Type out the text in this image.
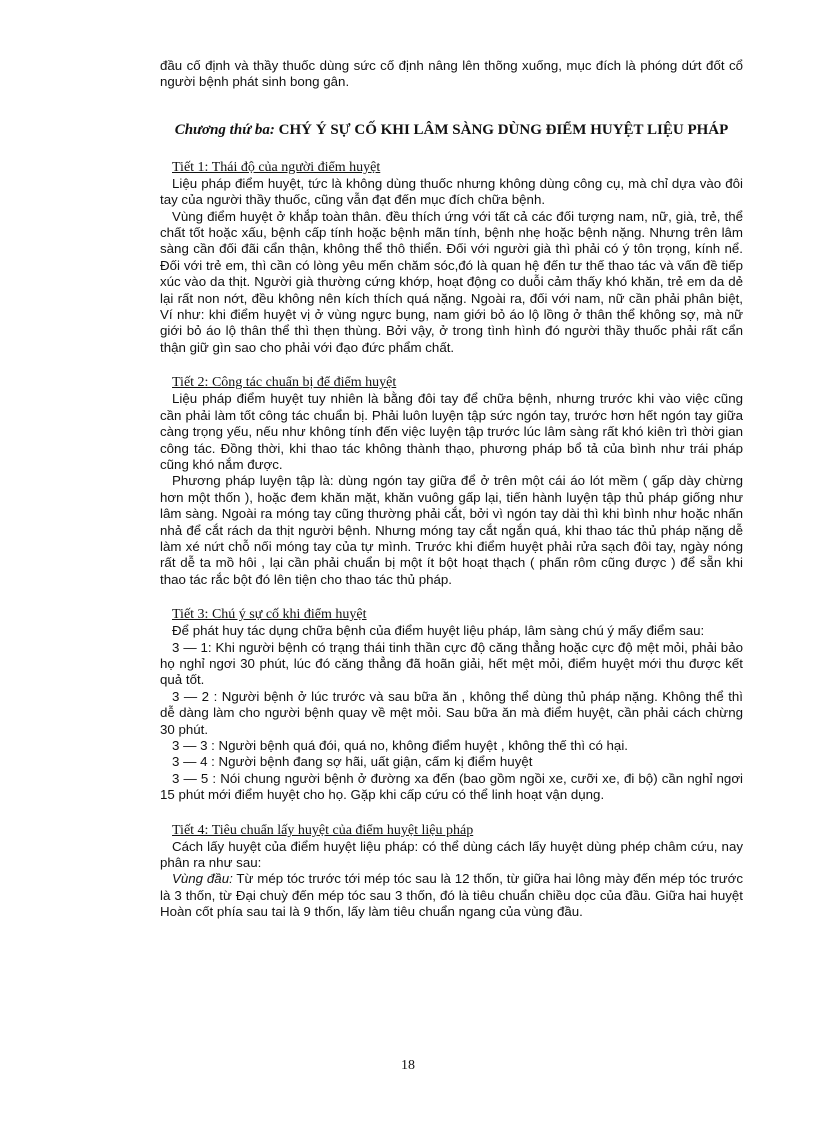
đầu cố định và thầy thuốc dùng sức cố định nâng lên thõng xuống, mục đích là phóng dứt đốt cổ người bệnh phát sinh bong gân.

Chương thứ ba: CHÝ Ý SỰ CỐ KHI LÂM SÀNG DÙNG ĐIỂM HUYỆT LIỆU PHÁP
Tiết 1: Thái độ của người điểm huyệt

Liệu pháp điểm huyệt, tức là không dùng thuốc nhưng không dùng công cụ, mà chỉ dựa vào đôi tay của người thầy thuốc, cũng vẫn đạt đến mục đích chữa bệnh.

Vùng điểm huyệt ở khắp toàn thân. đều thích ứng với tất cả các đối tượng nam, nữ, già, trẻ, thể chất tốt hoặc xấu, bệnh cấp tính hoặc bệnh mãn tính, bệnh nhẹ hoặc bệnh nặng. Nhưng trên lâm sàng cần đối đãi cẩn thận, không thể thô thiển. Đối với người già thì phải có ý tôn trọng, kính nể. Đối với trẻ em, thì cần có lòng yêu mến chăm sóc,đó là quan hệ đến tư thế thao tác và vấn đề tiếp xúc vào da thịt. Người già thường cứng khớp, hoạt động co duỗi cảm thấy khó khăn, trẻ em da dẻ lại rất non nớt, đều không nên kích thích quá nặng. Ngoài ra, đối với nam, nữ cần phải phân biệt, Ví như: khi điểm huyệt vị ở vùng ngực bụng, nam giới bỏ áo lộ lồng ở thân thể không sợ, mà nữ giới bỏ áo lộ thân thể thì thẹn thùng. Bởi vậy, ở trong tình hình đó người thầy thuốc phải rất cẩn thận giữ gìn sao cho phải với đạo đức phẩm chất.

Tiết 2: Công tác chuẩn bị để điểm huyệt

Liệu pháp điểm huyệt tuy nhiên là bằng đôi tay để chữa bệnh, nhưng trước khi vào việc cũng cần phải làm tốt công tác chuẩn bị. Phải luôn luyện tập sức ngón tay, trước hơn hết ngón tay giữa càng trọng yếu, nếu như không tính đến việc luyện tập trước lúc lâm sàng rất khó kiên trì thời gian công tác. Đồng thời, khi thao tác không thành thạo, phương pháp bổ tả của bình như trái pháp cũng khó nắm được.

Phương pháp luyện tập là: dùng ngón tay giữa để ở trên một cái áo lót mềm ( gấp dày chừng hơn một thốn ), hoặc đem khăn mặt, khăn vuông gấp lại, tiến hành luyện tập thủ pháp giống như lâm sàng. Ngoài ra móng tay cũng thường phải cắt, bởi vì ngón tay dài thì khi bình như hoặc nhấn nhả để cắt rách da thịt người bệnh. Nhưng móng tay cắt ngắn quá, khi thao tác thủ pháp nặng dễ làm xé nứt chỗ nối móng tay của tự mình. Trước khi điểm huyệt phải rửa sạch đôi tay, ngày nóng rất dễ ta mồ hôi , lại cần phải chuẩn bị một ít bột hoạt thạch ( phấn rôm cũng được ) để sẵn khi thao tác rắc bột đó lên tiện cho thao tác thủ pháp.

Tiết 3: Chú ý sự cố khi điểm huyệt

Để phát huy tác dụng chữa bệnh của điểm huyệt liệu pháp, lâm sàng chú ý mấy điểm sau:

3 — 1: Khi người bệnh có trạng thái tinh thần cực độ căng thẳng hoặc cực độ mệt mỏi, phải bảo họ nghỉ ngơi 30 phút, lúc đó căng thẳng đã hoãn giải, hết mệt mỏi, điểm huyệt mới thu được kết quả tốt.

3 — 2 : Người bệnh ở lúc trước và sau bữa ăn , không thể dùng thủ pháp nặng. Không thể thì dễ dàng làm cho người bệnh quay về mệt mỏi. Sau bữa ăn mà điểm huyệt, cần phải cách chừng 30 phút.

3 — 3 : Người bệnh quá đói, quá no, không điểm huyệt , không thế thì có hại.

3 — 4 : Người bệnh đang sợ hãi, uất giận, cấm kị điểm huyệt

3 — 5 : Nói chung người bệnh ở đường xa đến (bao gồm ngồi xe, cưỡi xe, đi bộ) cần nghỉ ngơi 15 phút mới điểm huyệt cho họ. Gặp khi cấp cứu có thể linh hoạt vận dụng.

Tiết 4: Tiêu chuẩn lấy huyệt của điểm huyệt liệu pháp

Cách lấy huyệt của điểm huyệt liệu pháp: có thể dùng cách lấy huyệt dùng phép châm cứu, nay phân ra như sau:

Vùng đầu: Từ mép tóc trước tới mép tóc sau là 12 thốn, từ giữa hai lông mày đến mép tóc trước là 3 thốn, từ Đại chuỳ đến mép tóc sau 3 thốn, đó là tiêu chuẩn chiều dọc của đầu. Giữa hai huyệt Hoàn cốt phía sau tai là 9 thốn, lấy làm tiêu chuẩn ngang của vùng đầu.

18
